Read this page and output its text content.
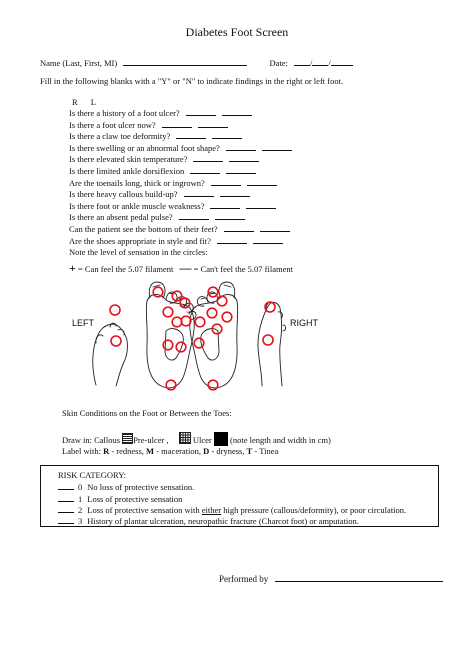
Diabetes Foot Screen
Name (Last, First, MI)	Date:	/ /
Fill in the following blanks with a "Y" or "N" to indicate findings in the right or left foot.
R L
Is there a history of a foot ulcer?
Is there a foot ulcer now?
Is there a claw toe deformity?
Is there swelling or an abnormal foot shape?
Is there elevated skin temperature?
Is there limited ankle dorsiflexion
Are the toenails long, thick or ingrown?
Is there heavy callous build-up?
Is there foot or ankle muscle weakness?
Is there an absent pedal pulse?
Can the patient see the bottom of their feet?
Are the shoes appropriate in style and fit?
Note the level of sensation in the circles:
+ = Can feel the 5.07 filament — = Can't feel the 5.07 filament
LEFT	RIGHT
Skin Conditions on the Foot or Between the Toes:
Draw in: Callous Pre-ulcer ,	Ulcer (note length and width in cm)
Label with: R - redness, M - maceration, D - dryness, T - Tinea
RISK CATEGORY:
0 No loss of protective sensation.
1 Loss of protective sensation
2 Loss of protective sensation with either high pressure (callous/deformity), or poor circulation.
3 History of plantar ulceration, neuropathic fracture (Charcot foot) or amputation.
Performed by
